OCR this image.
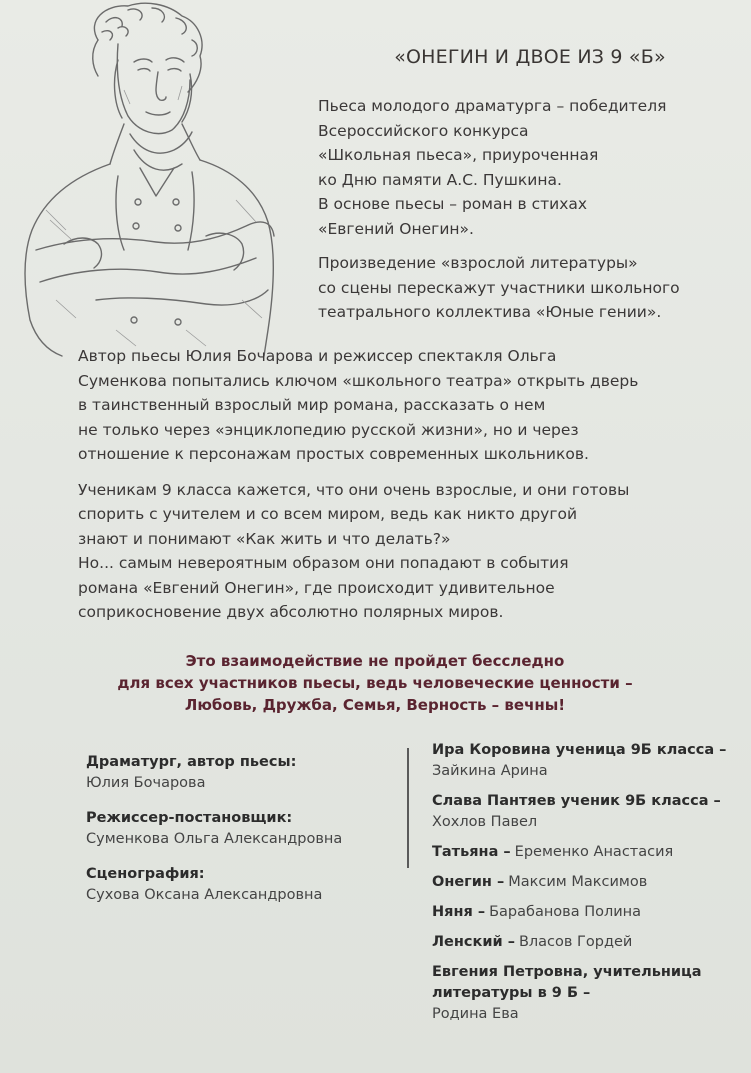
«ОНЕГИН И ДВОЕ ИЗ 9 «Б»

Пьеса молодого драматурга – победителя
Всероссийского конкурса
«Школьная пьеса», приуроченная
ко Дню памяти А.С. Пушкина.
В основе пьесы – роман в стихах
«Евгений Онегин».

Произведение «взрослой литературы»
со сцены перескажут участники школьного
театрального коллектива «Юные гении».

Автор пьесы Юлия Бочарова и режиссер спектакля Ольга
Суменкова попытались ключом «школьного театра» открыть дверь
в таинственный взрослый мир романа, рассказать о нем
не только через «энциклопедию русской жизни», но и через
отношение к персонажам простых современных школьников.

Ученикам 9 класса кажется, что они очень взрослые, и они готовы
спорить с учителем и со всем миром, ведь как никто другой
знают и понимают «Как жить и что делать?»
Но... самым невероятным образом они попадают в события
романа «Евгений Онегин», где происходит удивительное
соприкосновение двух абсолютно полярных миров.

Это взаимодействие не пройдет бесследно
для всех участников пьесы, ведь человеческие ценности –
Любовь, Дружба, Семья, Верность – вечны!
Драматург, автор пьесы:
Юлия Бочарова
Режиссер-постановщик:
Суменкова Ольга Александровна
Сценография:
Сухова Оксана Александровна
Ира Коровина ученица 9Б класса –
Зайкина Арина
Слава Пантяев ученик 9Б класса –
Хохлов Павел
Татьяна – Еременко Анастасия
Онегин – Максим Максимов
Няня – Барабанова Полина
Ленский – Власов Гордей
Евгения Петровна, учительница литературы в 9 Б –
Родина Ева
